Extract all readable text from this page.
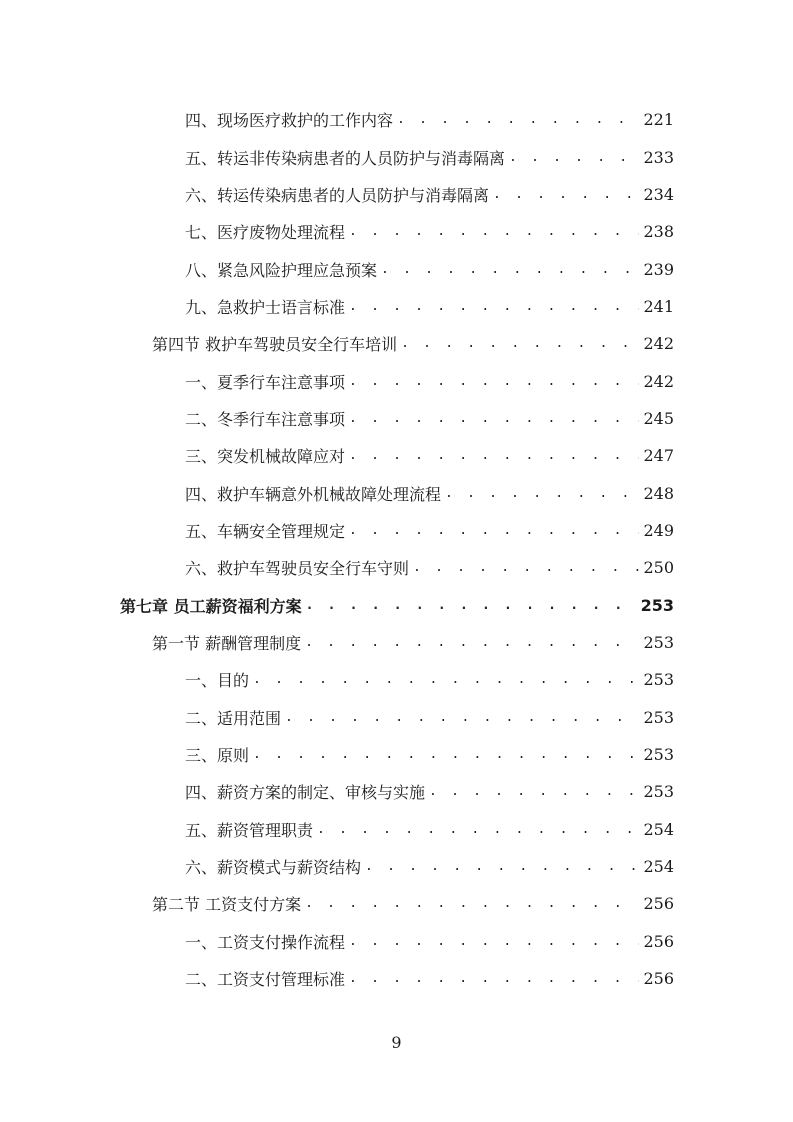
四、现场医疗救护的工作内容 . . .	221
五、转运非传染病患者的人员防护与消毒隔离 . . .	233
六、转运传染病患者的人员防护与消毒隔离 . . .	234
七、医疗废物处理流程 . . .	238
八、紧急风险护理应急预案 . . .	239
九、急救护士语言标准 . . .	241
第四节 救护车驾驶员安全行车培训 . . .	242
一、夏季行车注意事项 . . .	242
二、冬季行车注意事项 . . .	245
三、突发机械故障应对 . . .	247
四、救护车辆意外机械故障处理流程 . . .	248
五、车辆安全管理规定 . . .	249
六、救护车驾驶员安全行车守则 . . .	250
第七章 员工薪资福利方案 . . .	253
第一节 薪酬管理制度 . . .	253
一、目的 . . .	253
二、适用范围 . . .	253
三、原则 . . .	253
四、薪资方案的制定、审核与实施 . . .	253
五、薪资管理职责 . . .	254
六、薪资模式与薪资结构 . . .	254
第二节 工资支付方案 . . .	256
一、工资支付操作流程 . . .	256
二、工资支付管理标准 . . .	256
9
